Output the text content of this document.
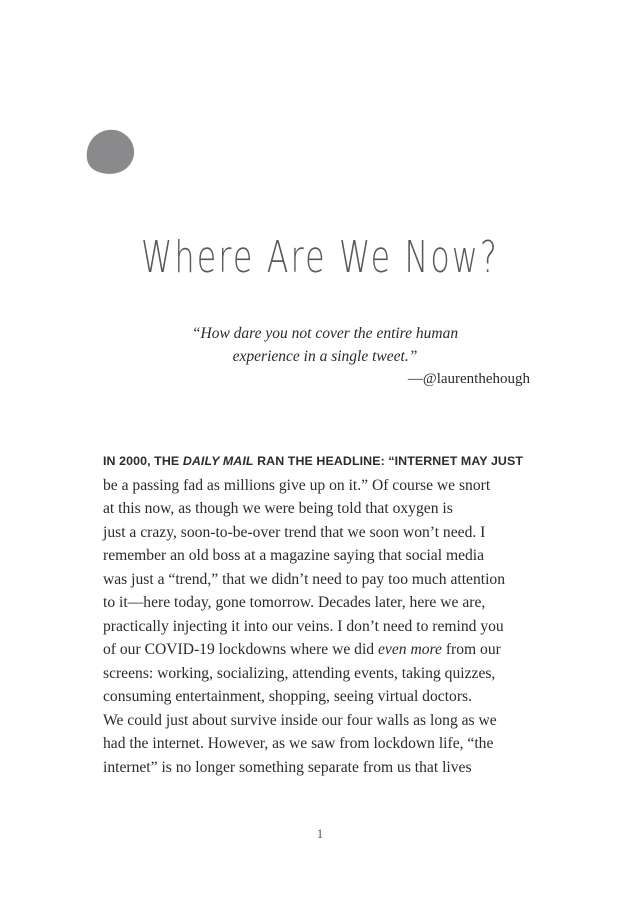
Where Are We Now?

“How dare you not cover the entire human
experience in a single tweet.”

—@laurenthehough

IN 2000, THE DAILY MAIL RAN THE HEADLINE: “INTERNET MAY JUST
be a passing fad as millions give up on it.” Of course we snort
at this now, as though we were being told that oxygen is
just a crazy, soon-to-be-over trend that we soon won’t need. I
remember an old boss at a magazine saying that social media
was just a “trend,” that we didn’t need to pay too much attention
to it—here today, gone tomorrow. Decades later, here we are,
practically injecting it into our veins. I don’t need to remind you
of our COVID-19 lockdowns where we did even more from our
screens: working, socializing, attending events, taking quizzes,
consuming entertainment, shopping, seeing virtual doctors.
We could just about survive inside our four walls as long as we
had the internet. However, as we saw from lockdown life, “the
internet” is no longer something separate from us that lives
1
